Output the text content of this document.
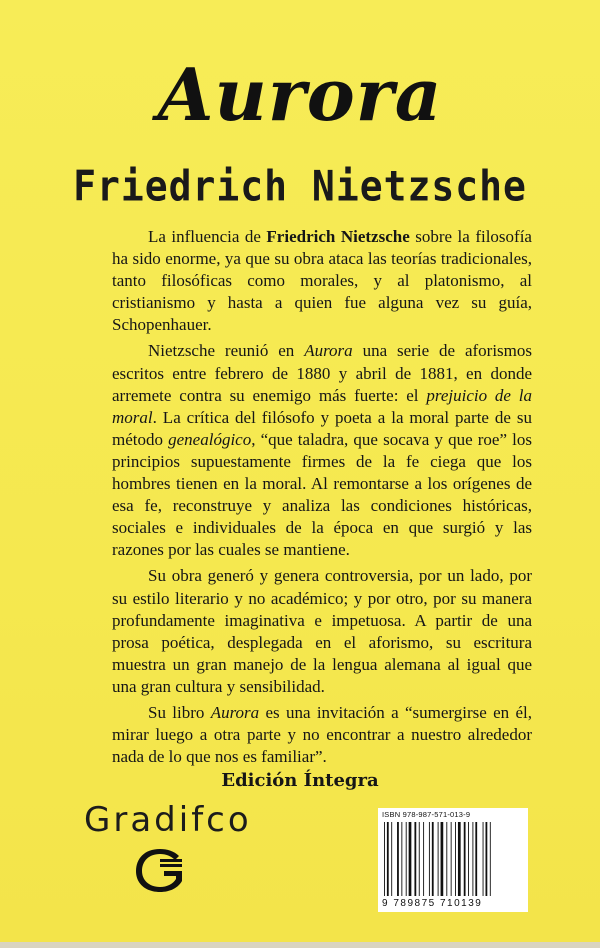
Aurora
Friedrich Nietzsche

La influencia de Friedrich Nietzsche sobre la filosofía ha sido enorme, ya que su obra ataca las teorías tradicionales, tanto filosóficas como morales, y al platonismo, al cristianismo y hasta a quien fue alguna vez su guía, Schopenhauer.

Nietzsche reunió en Aurora una serie de aforismos escritos entre febrero de 1880 y abril de 1881, en donde arremete contra su enemigo más fuerte: el prejuicio de la moral. La crítica del filósofo y poeta a la moral parte de su método genealógico, “que taladra, que socava y que roe” los principios supuestamente firmes de la fe ciega que los hombres tienen en la moral. Al remontarse a los orígenes de esa fe, reconstruye y analiza las condiciones históricas, sociales e individuales de la época en que surgió y las razones por las cuales se mantiene.

Su obra generó y genera controversia, por un lado, por su estilo literario y no académico; y por otro, por su manera profundamente imaginativa e impetuosa. A partir de una prosa poética, desplegada en el aforismo, su escritura muestra un gran manejo de la lengua alemana al igual que una gran cultura y sensibilidad.

Su libro Aurora es una invitación a “sumergirse en él, mirar luego a otra parte y no encontrar a nuestro alrededor nada de lo que nos es familiar”.

Edición Íntegra
Gradifco	ISBN 978-987-571-013-9
9 789875 710139
